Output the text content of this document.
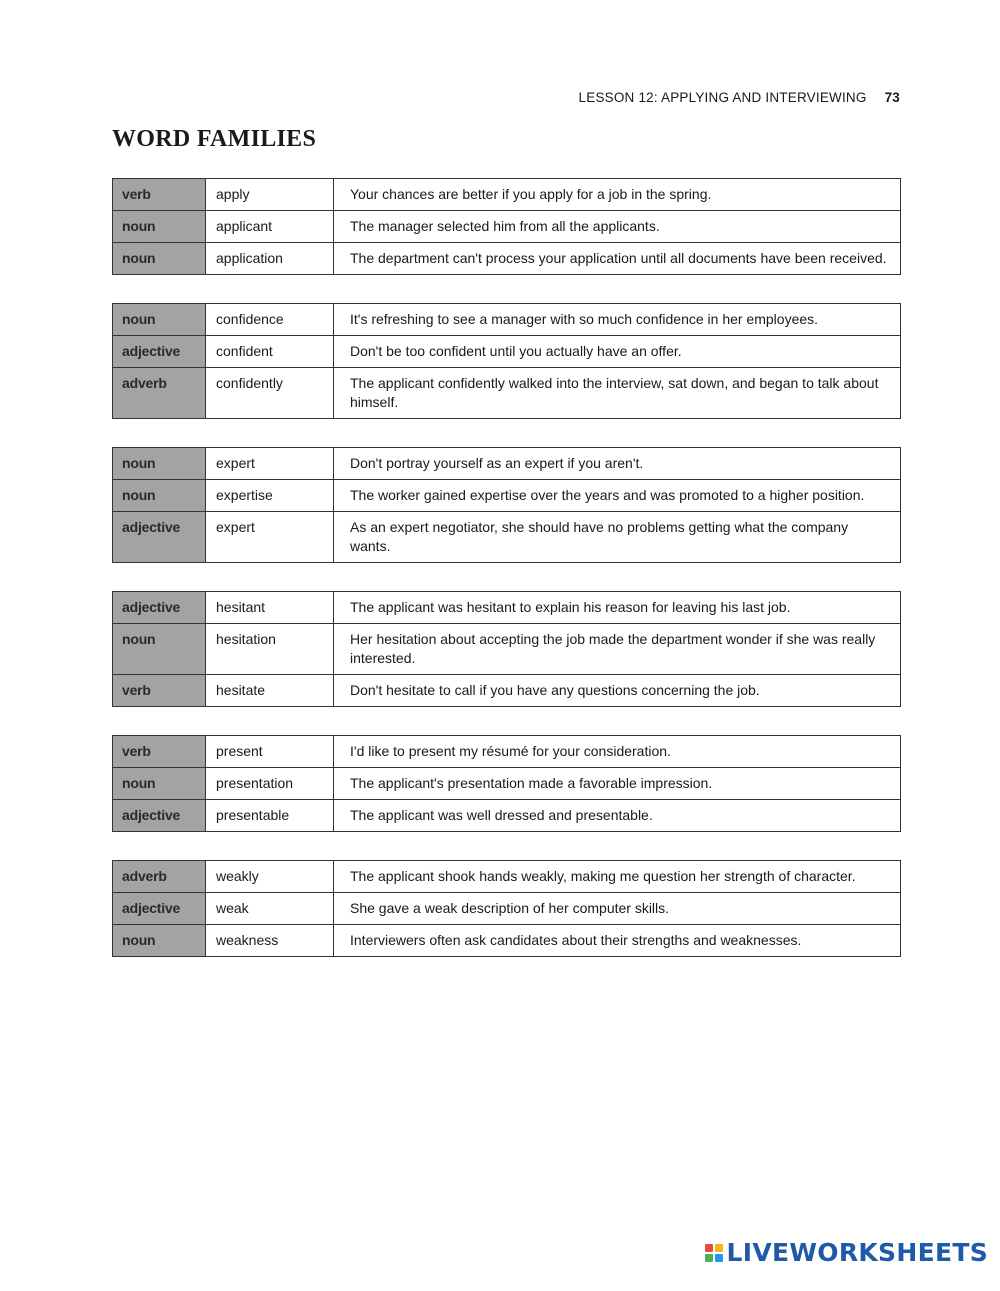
LESSON 12: APPLYING AND INTERVIEWING 73
WORD FAMILIES
verb	apply	Your chances are better if you apply for a job in the spring.
noun	applicant	The manager selected him from all the applicants.
noun	application	The department can't process your application until all documents have been received.
noun	confidence	It's refreshing to see a manager with so much confidence in her employees.
adjective	confident	Don't be too confident until you actually have an offer.
adverb	confidently	The applicant confidently walked into the interview, sat down, and began to talk about himself.
noun	expert	Don't portray yourself as an expert if you aren't.
noun	expertise	The worker gained expertise over the years and was promoted to a higher position.
adjective	expert	As an expert negotiator, she should have no problems getting what the company wants.
adjective	hesitant	The applicant was hesitant to explain his reason for leaving his last job.
noun	hesitation	Her hesitation about accepting the job made the department wonder if she was really interested.
verb	hesitate	Don't hesitate to call if you have any questions concerning the job.
verb	present	I'd like to present my résumé for your consideration.
noun	presentation	The applicant's presentation made a favorable impression.
adjective	presentable	The applicant was well dressed and presentable.
adverb	weakly	The applicant shook hands weakly, making me question her strength of character.
adjective	weak	She gave a weak description of her computer skills.
noun	weakness	Interviewers often ask candidates about their strengths and weaknesses.
LIVEWORKSHEETS
